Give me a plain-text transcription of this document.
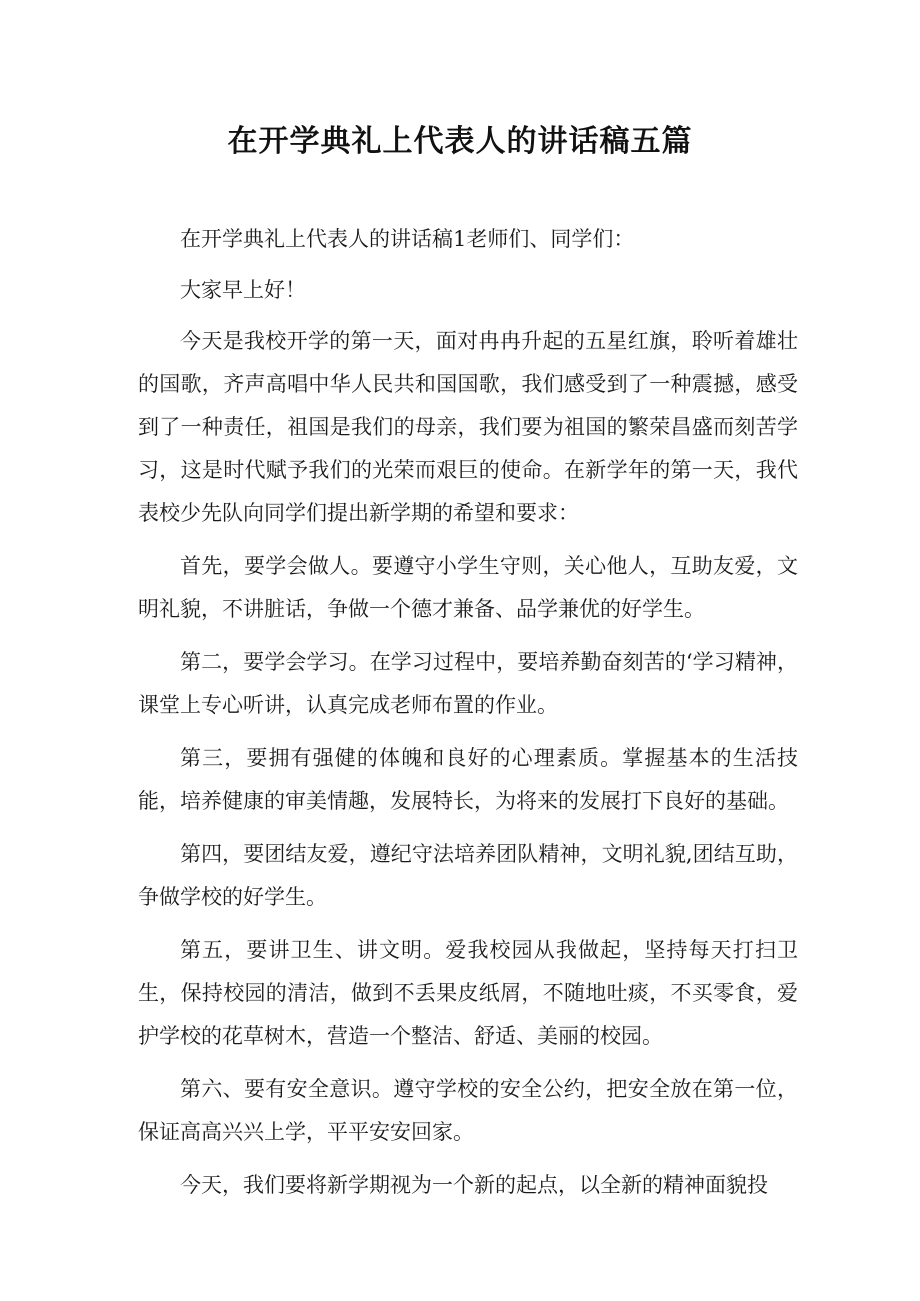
在开学典礼上代表人的讲话稿五篇

在开学典礼上代表人的讲话稿1老师们、同学们：

大家早上好！

今天是我校开学的第一天，面对冉冉升起的五星红旗，聆听着雄壮的国歌，齐声高唱中华人民共和国国歌，我们感受到了一种震撼，感受到了一种责任，祖国是我们的母亲，我们要为祖国的繁荣昌盛而刻苦学习，这是时代赋予我们的光荣而艰巨的使命。在新学年的第一天，我代表校少先队向同学们提出新学期的希望和要求：

首先，要学会做人。要遵守小学生守则，关心他人，互助友爱，文明礼貌，不讲脏话，争做一个德才兼备、品学兼优的好学生。

第二，要学会学习。在学习过程中，要培养勤奋刻苦的‘学习精神，课堂上专心听讲，认真完成老师布置的作业。

第三，要拥有强健的体魄和良好的心理素质。掌握基本的生活技能，培养健康的审美情趣，发展特长，为将来的发展打下良好的基础。

第四，要团结友爱，遵纪守法培养团队精神，文明礼貌,团结互助，争做学校的好学生。

第五，要讲卫生、讲文明。爱我校园从我做起，坚持每天打扫卫生，保持校园的清洁，做到不丢果皮纸屑，不随地吐痰，不买零食，爱护学校的花草树木，营造一个整洁、舒适、美丽的校园。

第六、要有安全意识。遵守学校的安全公约，把安全放在第一位，保证高高兴兴上学，平平安安回家。

今天，我们要将新学期视为一个新的起点，以全新的精神面貌投
